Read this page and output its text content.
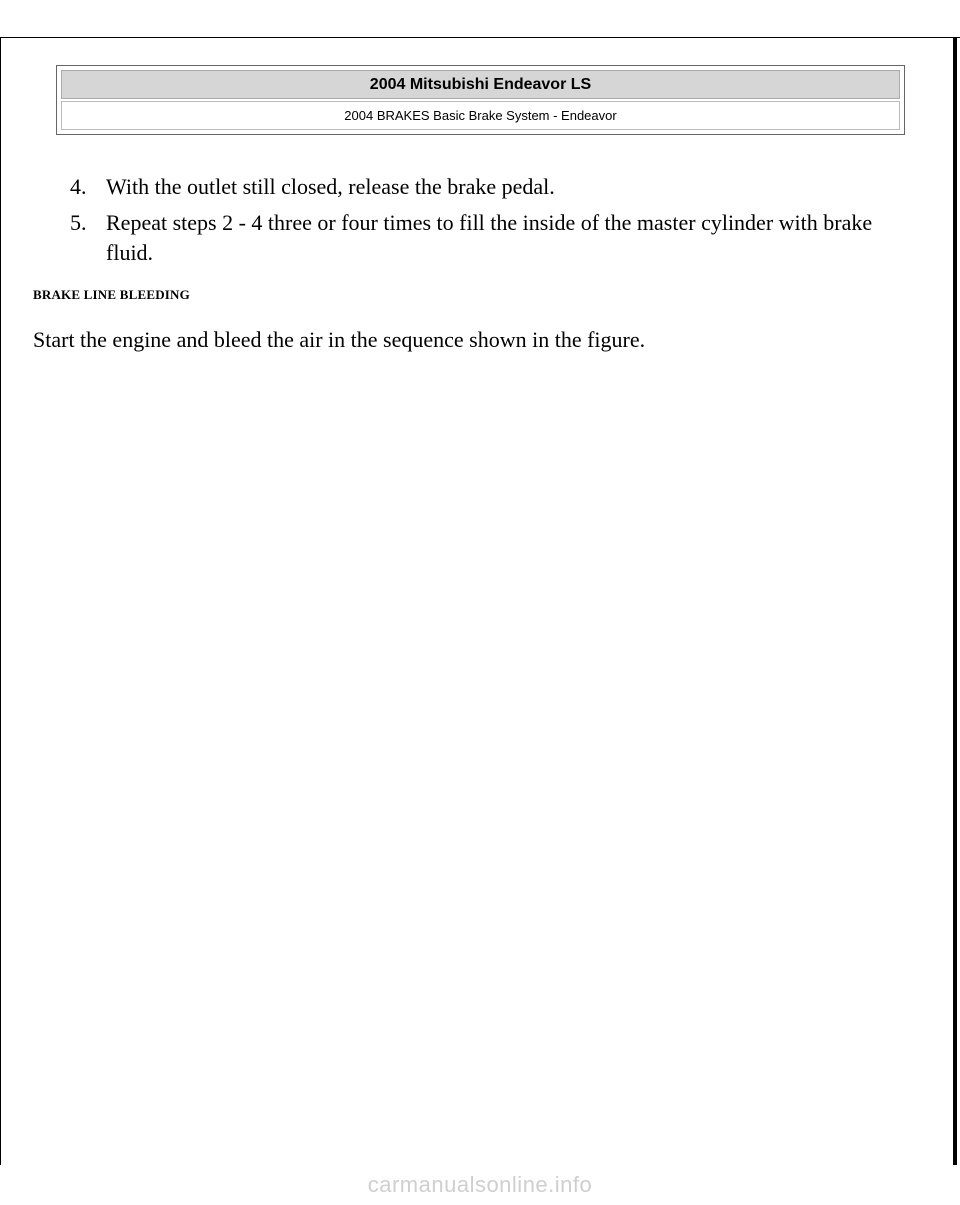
2004 Mitsubishi Endeavor LS
2004 BRAKES Basic Brake System - Endeavor
4. With the outlet still closed, release the brake pedal.
5. Repeat steps 2 - 4 three or four times to fill the inside of the master cylinder with brake fluid.
BRAKE LINE BLEEDING
Start the engine and bleed the air in the sequence shown in the figure.
carmanualsonline.info
